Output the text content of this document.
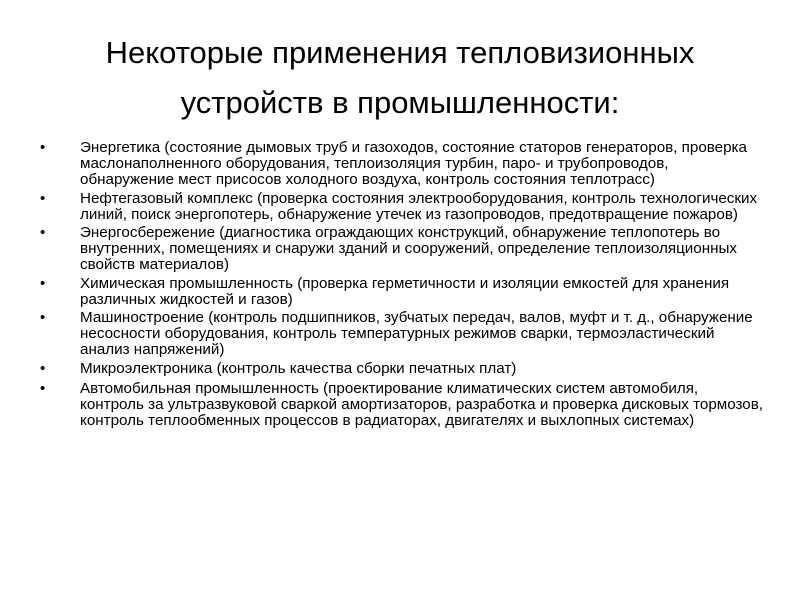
Некоторые применения тепловизионных
устройств в промышленности:
•	Энергетика (состояние дымовых труб и газоходов, состояние статоров генераторов, проверка маслонаполненного оборудования, теплоизоляция турбин, паро- и трубопроводов, обнаружение мест присосов холодного воздуха, контроль состояния теплотрасс)
•	Нефтегазовый комплекс (проверка состояния электрооборудования, контроль технологических линий, поиск энергопотерь, обнаружение утечек из газопроводов, предотвращение пожаров)
•	Энергосбережение (диагностика ограждающих конструкций, обнаружение теплопотерь во внутренних, помещениях и снаружи зданий и сооружений, определение теплоизоляционных свойств материалов)
•	Химическая промышленность (проверка герметичности и изоляции емкостей для хранения различных жидкостей и газов)
•	Машиностроение (контроль подшипников, зубчатых передач, валов, муфт и т. д., обнаружение несосности оборудования, контроль температурных режимов сварки, термоэластический анализ напряжений)
•	Микроэлектроника (контроль качества сборки печатных плат)
•	Автомобильная промышленность (проектирование климатических систем автомобиля, контроль за ультразвуковой сваркой амортизаторов, разработка и проверка дисковых тормозов, контроль теплообменных процессов в радиаторах, двигателях и выхлопных системах)
